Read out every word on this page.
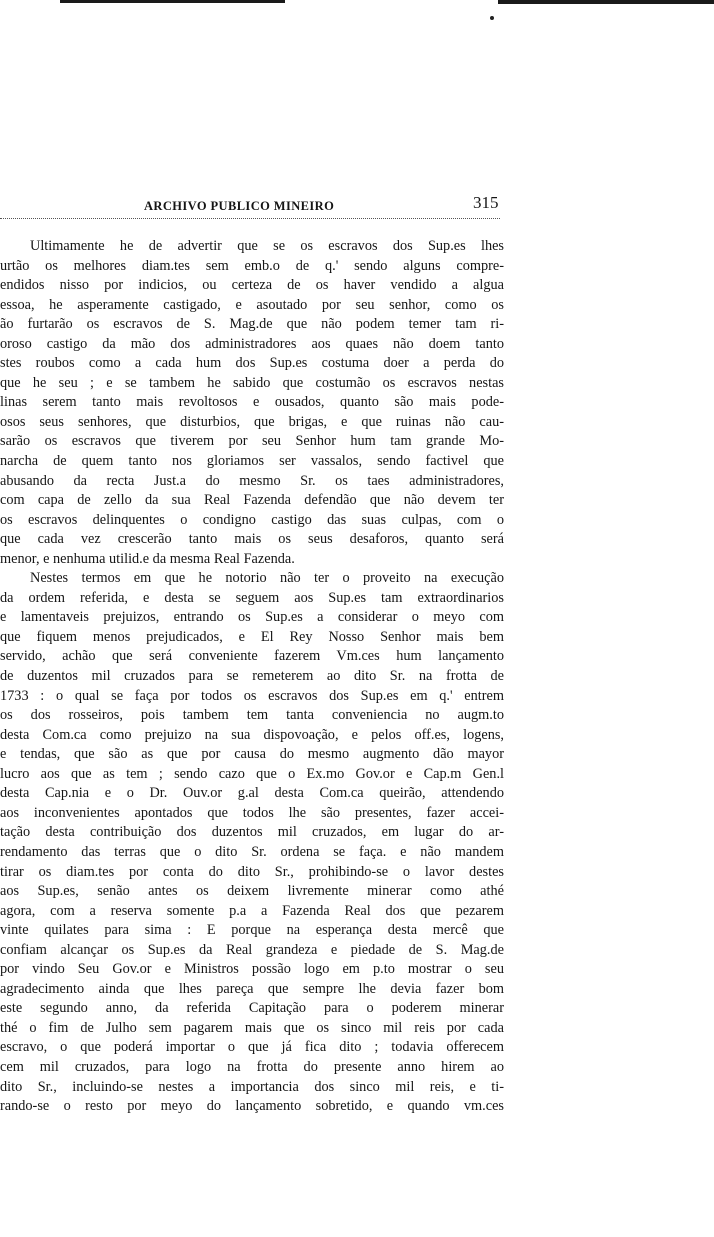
ARCHIVO PUBLICO MINEIRO	315
Ultimamente he de advertir que se os escravos dos Sup.es lhes
urtão os melhores diam.tes sem emb.o de q.' sendo alguns compre-
endidos nisso por indicios, ou certeza de os haver vendido a algua
essoa, he asperamente castigado, e asoutado por seu senhor, como os
ão furtarão os escravos de S. Mag.de que não podem temer tam ri-
oroso castigo da mão dos administradores aos quaes não doem tanto
stes roubos como a cada hum dos Sup.es costuma doer a perda do
que he seu ; e se tambem he sabido que costumão os escravos nestas
linas serem tanto mais revoltosos e ousados, quanto são mais pode-
osos seus senhores, que disturbios, que brigas, e que ruinas não cau-
sarão os escravos que tiverem por seu Senhor hum tam grande Mo-
narcha de quem tanto nos gloriamos ser vassalos, sendo factivel que
abusando da recta Just.a do mesmo Sr. os taes administradores,
com capa de zello da sua Real Fazenda defendão que não devem ter
os escravos delinquentes o condigno castigo das suas culpas, com o
que cada vez crescerão tanto mais os seus desaforos, quanto será
menor, e nenhuma utilid.e da mesma Real Fazenda.
Nestes termos em que he notorio não ter o proveito na execução
da ordem referida, e desta se seguem aos Sup.es tam extraordinarios
e lamentaveis prejuizos, entrando os Sup.es a considerar o meyo com
que fiquem menos prejudicados, e El Rey Nosso Senhor mais bem
servido, achão que será conveniente fazerem Vm.ces hum lançamento
de duzentos mil cruzados para se remeterem ao dito Sr. na frotta de
1733 : o qual se faça por todos os escravos dos Sup.es em q.' entrem
os dos rosseiros, pois tambem tem tanta conveniencia no augm.to
desta Com.ca como prejuizo na sua dispovoação, e pelos off.es, logens,
e tendas, que são as que por causa do mesmo augmento dão mayor
lucro aos que as tem ; sendo cazo que o Ex.mo Gov.or e Cap.m Gen.l
desta Cap.nia e o Dr. Ouv.or g.al desta Com.ca queirão, attendendo
aos inconvenientes apontados que todos lhe são presentes, fazer accei-
tação desta contribuição dos duzentos mil cruzados, em lugar do ar-
rendamento das terras que o dito Sr. ordena se faça. e não mandem
tirar os diam.tes por conta do dito Sr., prohibindo-se o lavor destes
aos Sup.es, senão antes os deixem livremente minerar como athé
agora, com a reserva somente p.a a Fazenda Real dos que pezarem
vinte quilates para sima : E porque na esperança desta mercê que
confiam alcançar os Sup.es da Real grandeza e piedade de S. Mag.de
por vindo Seu Gov.or e Ministros possão logo em p.to mostrar o seu
agradecimento ainda que lhes pareça que sempre lhe devia fazer bom
este segundo anno, da referida Capitação para o poderem minerar
thé o fim de Julho sem pagarem mais que os sinco mil reis por cada
escravo, o que poderá importar o que já fica dito ; todavia offerecem
cem mil cruzados, para logo na frotta do presente anno hirem ao
dito Sr., incluindo-se nestes a importancia dos sinco mil reis, e ti-
rando-se o resto por meyo do lançamento sobretido, e quando vm.ces
